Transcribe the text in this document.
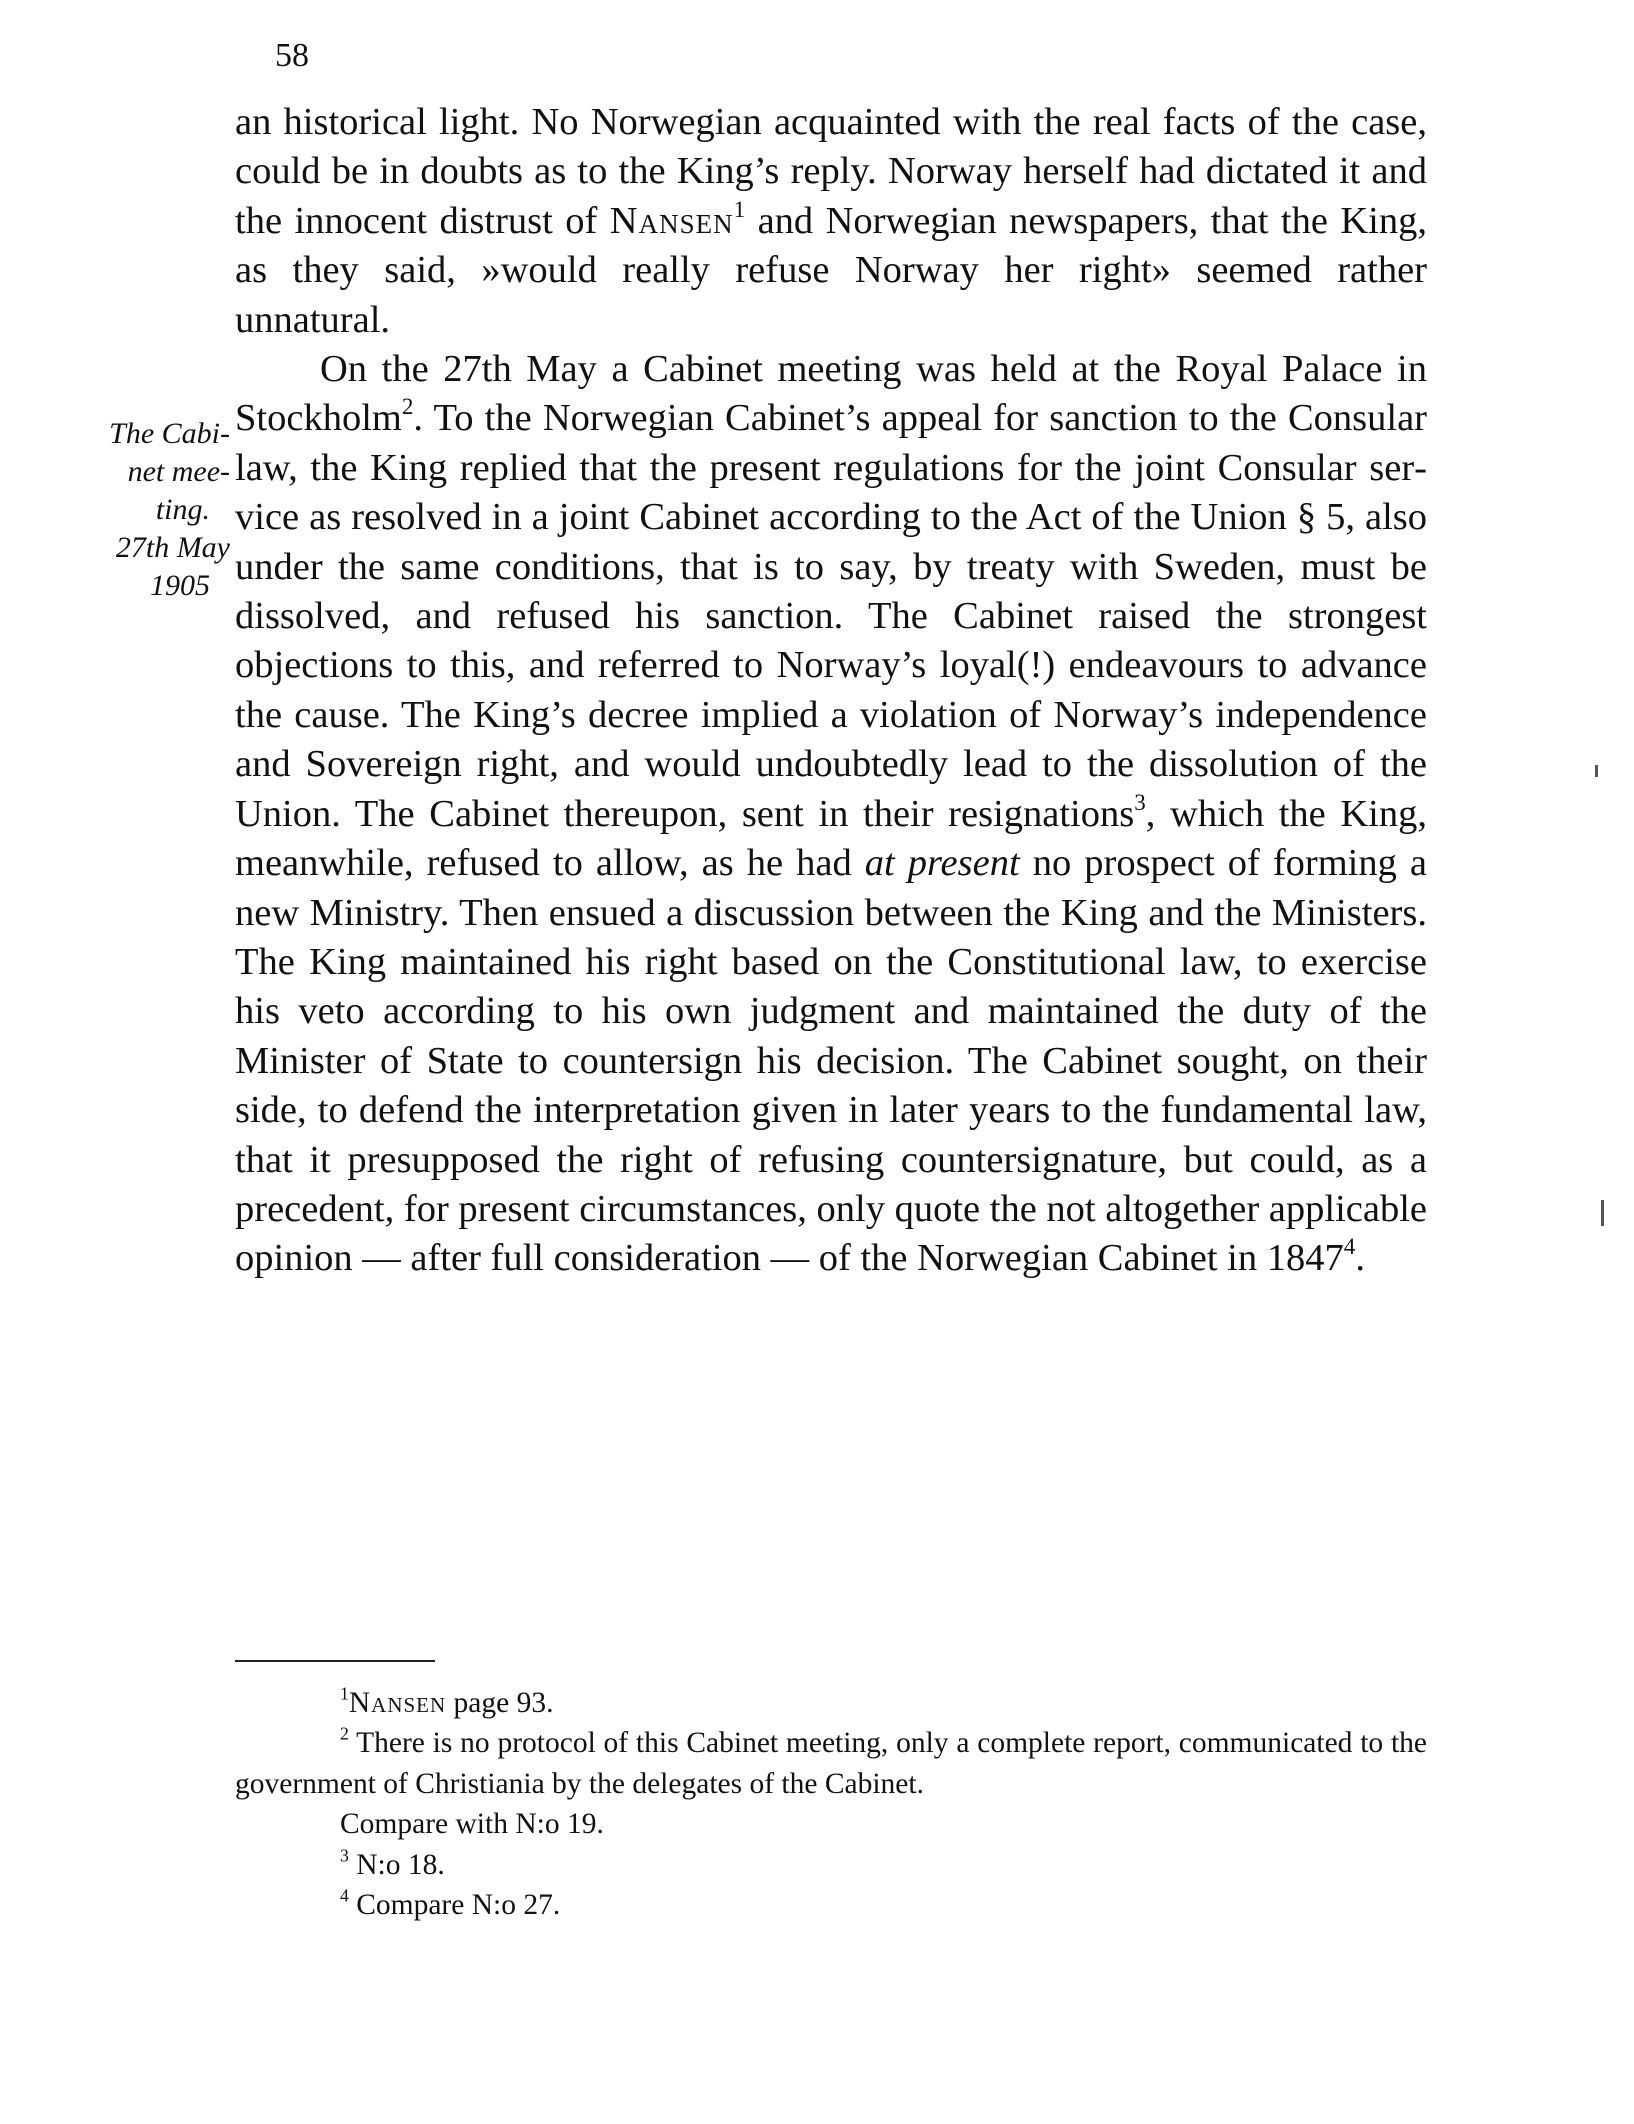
58

an historical light. No Norwegian acquainted with the real facts of the case, could be in doubts as to the King’s reply. Norway herself had dictated it and the innocent distrust of Nansen$^1$ and Norwegian newspapers, that the King, as they said, »would really refuse Norway her right» seemed rather unnatural.

On the 27th May a Cabinet meeting was held at the Royal Palace in Stockholm$^2$. To the Norwegian Cabinet’s appeal for sanction to the Consular law, the King replied that the present regulations for the joint Consular service as resolved in a joint Cabinet according to the Act of the Union § 5, also under the same conditions, that is to say, by treaty with Sweden, must be dissolved, and refused his sanction. The Cabinet raised the strongest objections to this, and referred to Norway’s loyal(!) endeavours to advance the cause. The King’s decree implied a violation of Norway’s independence and Sovereign right, and would undoubtedly lead to the dissolution of the Union. The Cabinet thereupon, sent in their resignations$^3$, which the King, meanwhile, refused to allow, as he had at present no prospect of forming a new Ministry. Then ensued a discussion between the King and the Ministers. The King maintained his right based on the Constitutional law, to exercise his veto according to his own judgment and maintained the duty of the Minister of State to countersign his decision. The Cabinet sought, on their side, to defend the interpretation given in later years to the fundamental law, that it presupposed the right of refusing countersignature, but could, as a precedent, for present circumstances, only quote the not altogether applicable opinion — after full consideration — of the Norwegian Cabinet in 1847$^4$.

The Cabi-
net mee-
ting.
27th May
1905

$^1$Nansen page 93.

$^2$ There is no protocol of this Cabinet meeting, only a complete report, communicated to the government of Christiania by the delegates of the Cabinet.

Compare with N:o 19.

$^3$ N:o 18.

$^4$ Compare N:o 27.
